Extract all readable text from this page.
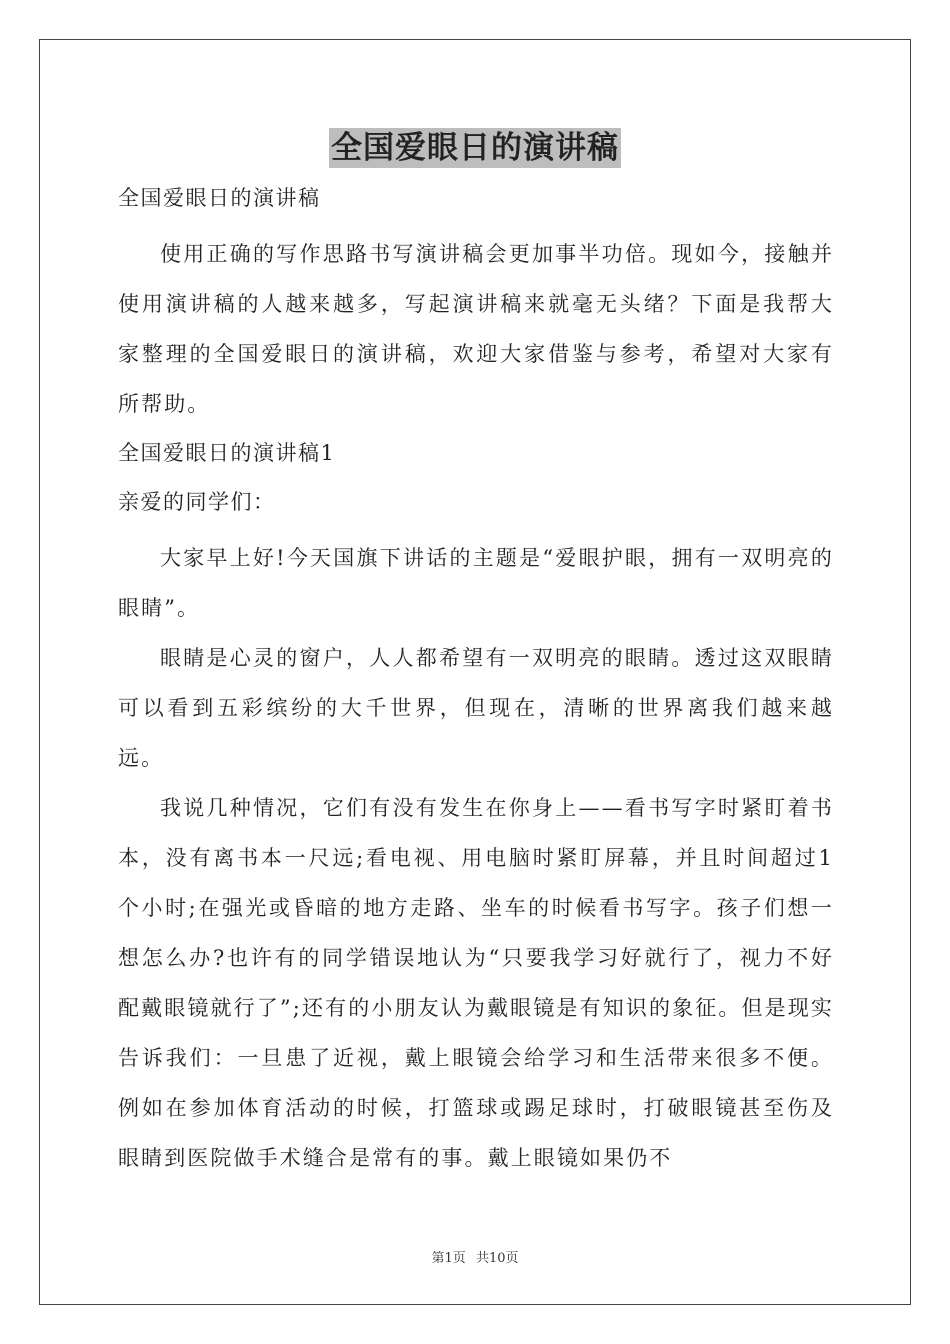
全国爱眼日的演讲稿
全国爱眼日的演讲稿

使用正确的写作思路书写演讲稿会更加事半功倍。现如今，接触并使用演讲稿的人越来越多，写起演讲稿来就毫无头绪？下面是我帮大家整理的全国爱眼日的演讲稿，欢迎大家借鉴与参考，希望对大家有所帮助。

全国爱眼日的演讲稿1
亲爱的同学们：

大家早上好!今天国旗下讲话的主题是“爱眼护眼，拥有一双明亮的眼睛”。

眼睛是心灵的窗户，人人都希望有一双明亮的眼睛。透过这双眼睛可以看到五彩缤纷的大千世界，但现在，清晰的世界离我们越来越远。

我说几种情况，它们有没有发生在你身上——看书写字时紧盯着书本，没有离书本一尺远;看电视、用电脑时紧盯屏幕，并且时间超过1个小时;在强光或昏暗的地方走路、坐车的时候看书写字。孩子们想一想怎么办?也许有的同学错误地认为“只要我学习好就行了，视力不好配戴眼镜就行了”;还有的小朋友认为戴眼镜是有知识的象征。但是现实告诉我们：一旦患了近视，戴上眼镜会给学习和生活带来很多不便。例如在参加体育活动的时候，打篮球或踢足球时，打破眼镜甚至伤及眼睛到医院做手术缝合是常有的事。戴上眼镜如果仍不

第1页 共10页
